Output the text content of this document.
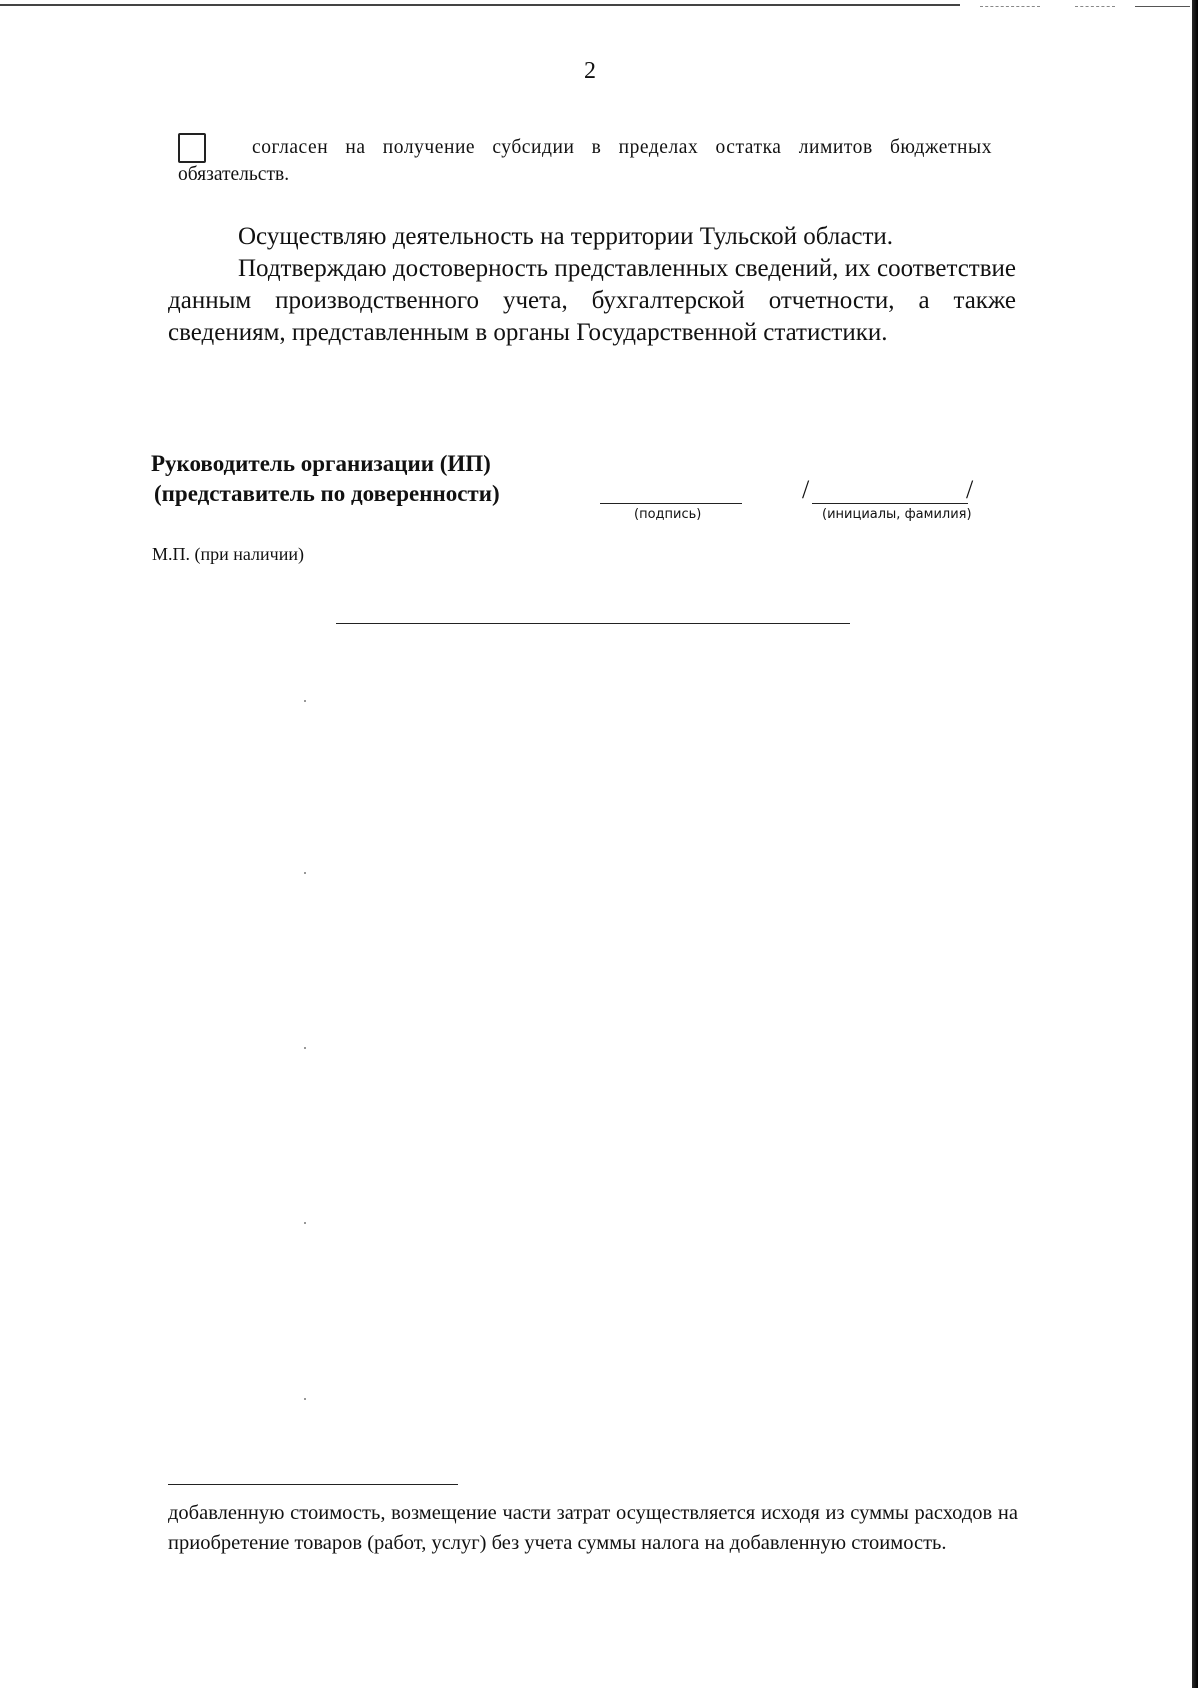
2
согласен на получение субсидии в пределах остатка лимитов бюджетных
обязательств.
Осуществляю деятельность на территории Тульской области.
Подтверждаю достоверность представленных сведений, их соответствие данным производственного учета, бухгалтерской отчетности, а также сведениям, представленным в органы Государственной статистики.
Руководитель организации (ИП)
(представитель по доверенности)
(подпись)
/	/
(инициалы, фамилия)
М.П. (при наличии)
добавленную стоимость, возмещение части затрат осуществляется исходя из суммы расходов на приобретение товаров (работ, услуг) без учета суммы налога на добавленную стоимость.
